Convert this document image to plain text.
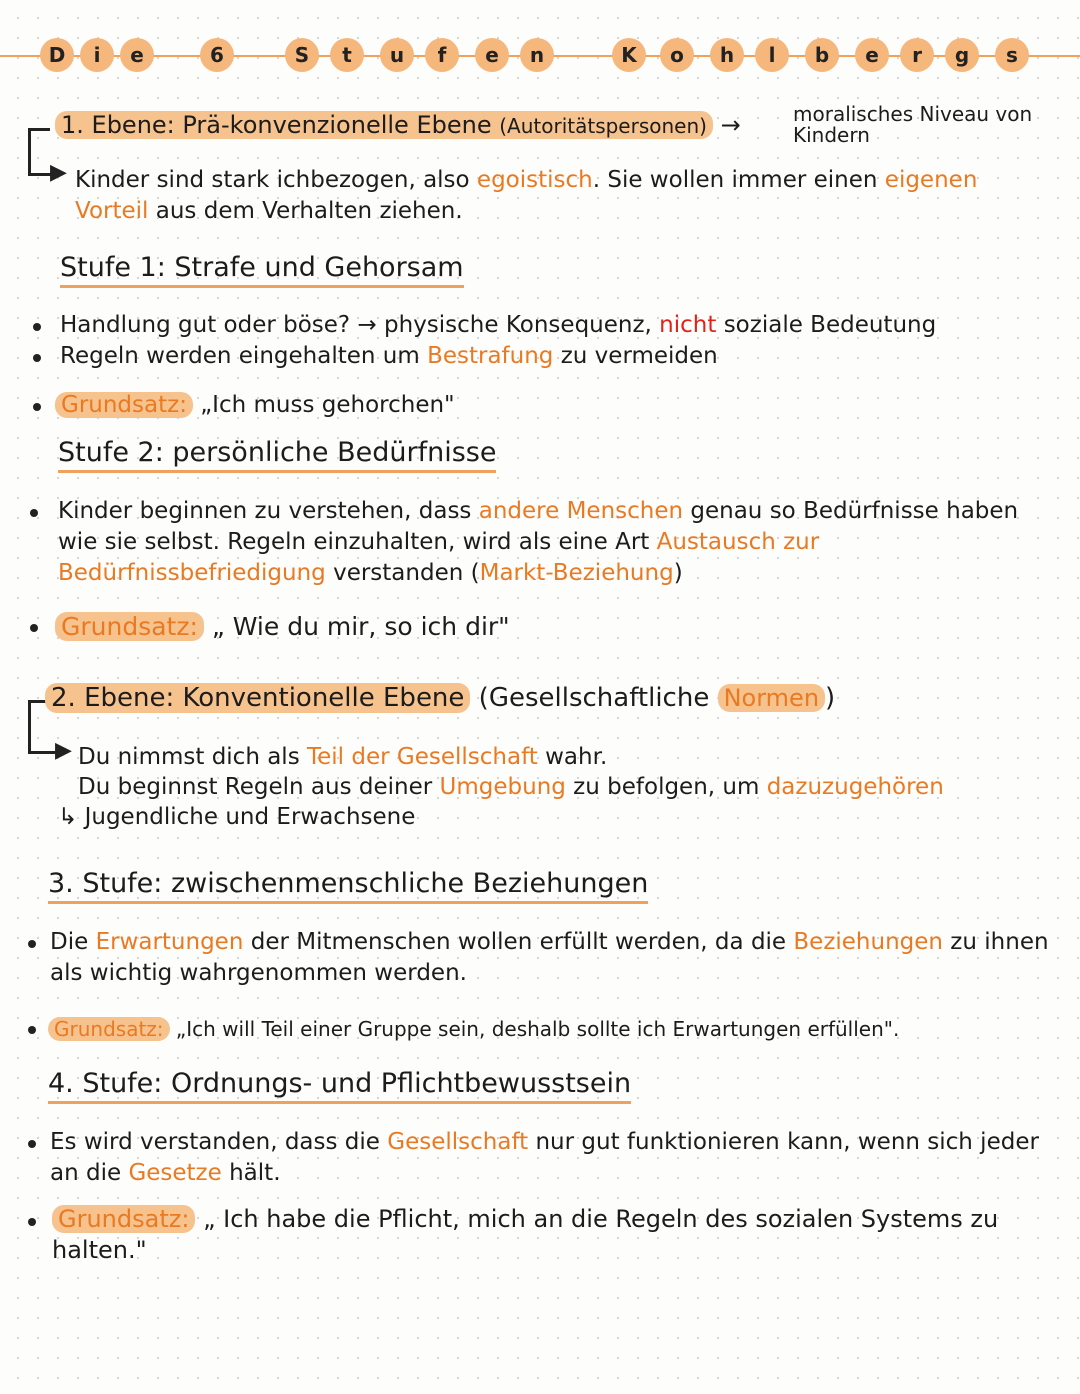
D	i	e	6	S	t	u	f	e	n	K	o	h	l	b	e	r	g	s
▶
1. Ebene: Prä-konvenzionelle Ebene (Autoritätspersonen) →	moralisches Niveau von Kindern
Kinder sind stark ichbezogen, also egoistisch. Sie wollen immer einen eigenen Vorteil aus dem Verhalten ziehen.
Stufe 1: Strafe und Gehorsam
Handlung gut oder böse? → physische Konsequenz, nicht soziale Bedeutung
Regeln werden eingehalten um Bestrafung zu vermeiden
Grundsatz: „Ich muss gehorchen"
Stufe 2: persönliche Bedürfnisse
Kinder beginnen zu verstehen, dass andere Menschen genau so Bedürfnisse haben wie sie selbst. Regeln einzuhalten, wird als eine Art Austausch zur Bedürfnissbefriedigung verstanden (Markt-Beziehung)
Grundsatz: „ Wie du mir, so ich dir"
▶
2. Ebene: Konventionelle Ebene (Gesellschaftliche Normen )
Du nimmst dich als Teil der Gesellschaft wahr.
Du beginnst Regeln aus deiner Umgebung zu befolgen, um dazuzugehören
↳ Jugendliche und Erwachsene
3. Stufe: zwischenmenschliche Beziehungen
Die Erwartungen der Mitmenschen wollen erfüllt werden, da die Beziehungen zu ihnen als wichtig wahrgenommen werden.
Grundsatz: „Ich will Teil einer Gruppe sein, deshalb sollte ich Erwartungen erfüllen".
4. Stufe: Ordnungs- und Pflichtbewusstsein
Es wird verstanden, dass die Gesellschaft nur gut funktionieren kann, wenn sich jeder an die Gesetze hält.
Grundsatz: „ Ich habe die Pflicht, mich an die Regeln des sozialen Systems zu halten."
